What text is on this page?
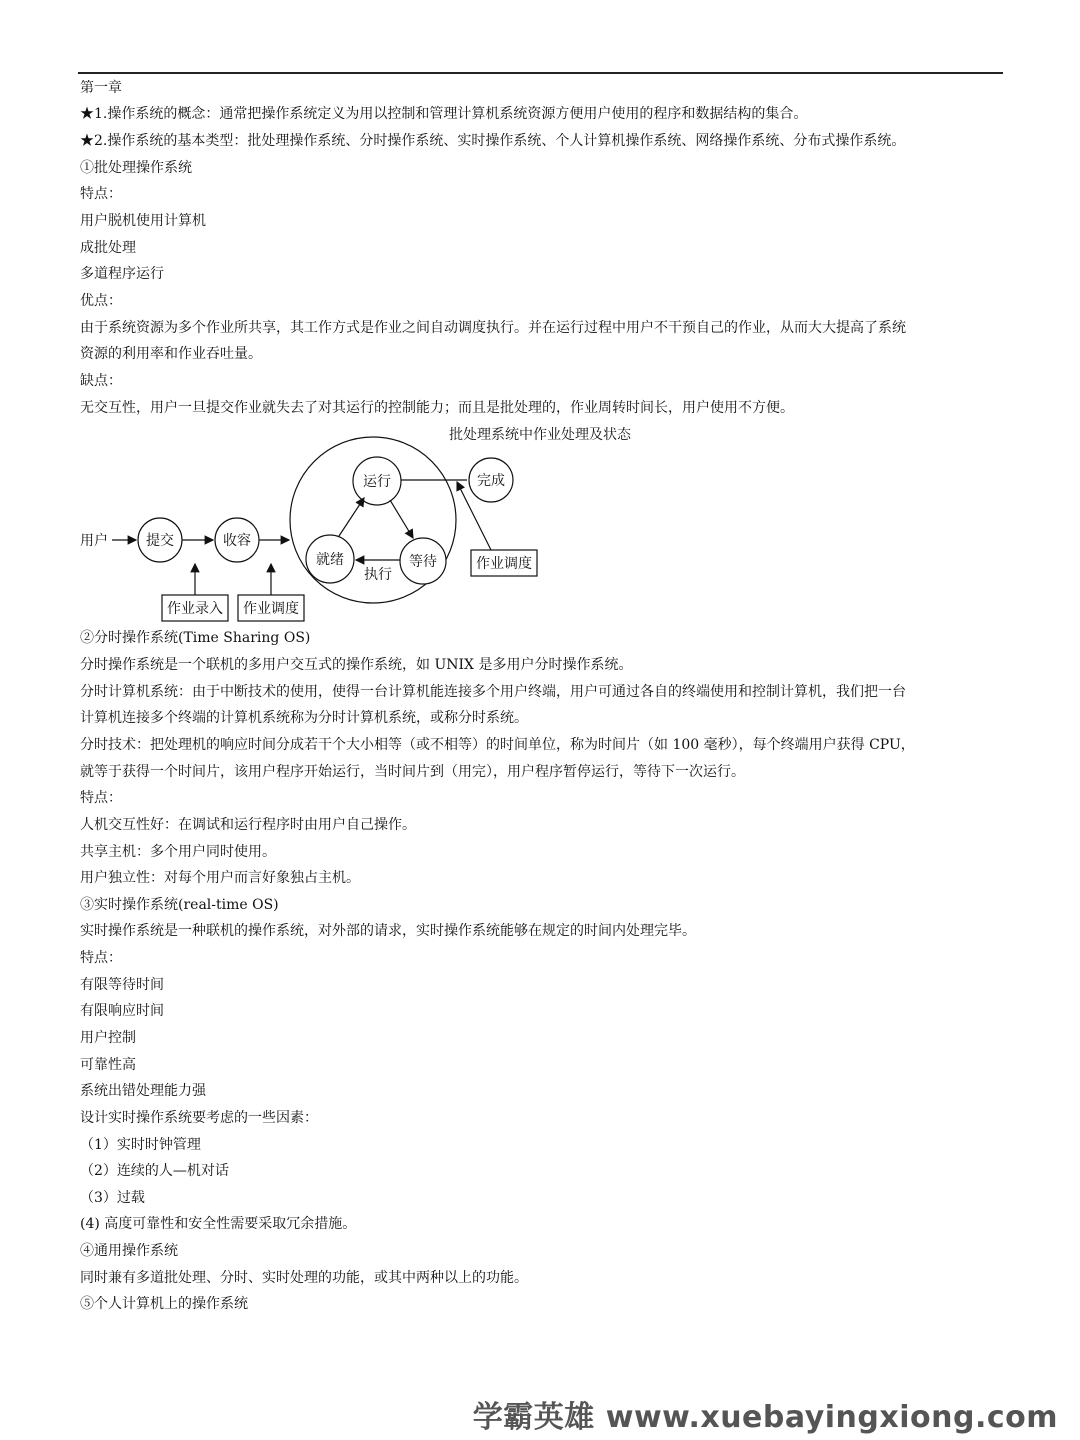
第一章
★1.操作系统的概念：通常把操作系统定义为用以控制和管理计算机系统资源方便用户使用的程序和数据结构的集合。
★2.操作系统的基本类型：批处理操作系统、分时操作系统、实时操作系统、个人计算机操作系统、网络操作系统、分布式操作系统。
①批处理操作系统
特点：
用户脱机使用计算机
成批处理
多道程序运行
优点：
由于系统资源为多个作业所共享，其工作方式是作业之间自动调度执行。并在运行过程中用户不干预自己的作业，从而大大提高了系统
资源的利用率和作业吞吐量。
缺点：
无交互性，用户一旦提交作业就失去了对其运行的控制能力；而且是批处理的，作业周转时间长，用户使用不方便。
批处理系统中作业处理及状态
用户	提交	收容
运行
就绪	等待
执行
完成
作业调度
作业录入 作业调度
②分时操作系统(Time Sharing OS)
分时操作系统是一个联机的多用户交互式的操作系统，如 UNIX 是多用户分时操作系统。
分时计算机系统：由于中断技术的使用，使得一台计算机能连接多个用户终端，用户可通过各自的终端使用和控制计算机，我们把一台
计算机连接多个终端的计算机系统称为分时计算机系统，或称分时系统。
分时技术：把处理机的响应时间分成若干个大小相等（或不相等）的时间单位，称为时间片（如 100 毫秒），每个终端用户获得 CPU，
就等于获得一个时间片，该用户程序开始运行，当时间片到（用完），用户程序暂停运行，等待下一次运行。
特点：
人机交互性好：在调试和运行程序时由用户自己操作。
共享主机：多个用户同时使用。
用户独立性：对每个用户而言好象独占主机。
③实时操作系统(real-time OS)
实时操作系统是一种联机的操作系统，对外部的请求，实时操作系统能够在规定的时间内处理完毕。
特点：
有限等待时间
有限响应时间
用户控制
可靠性高
系统出错处理能力强
设计实时操作系统要考虑的一些因素：
（1）实时时钟管理
（2）连续的人—机对话
（3）过载
(4) 高度可靠性和安全性需要采取冗余措施。
④通用操作系统
同时兼有多道批处理、分时、实时处理的功能，或其中两种以上的功能。
⑤个人计算机上的操作系统
学霸英雄 www.xuebayingxiong.com
